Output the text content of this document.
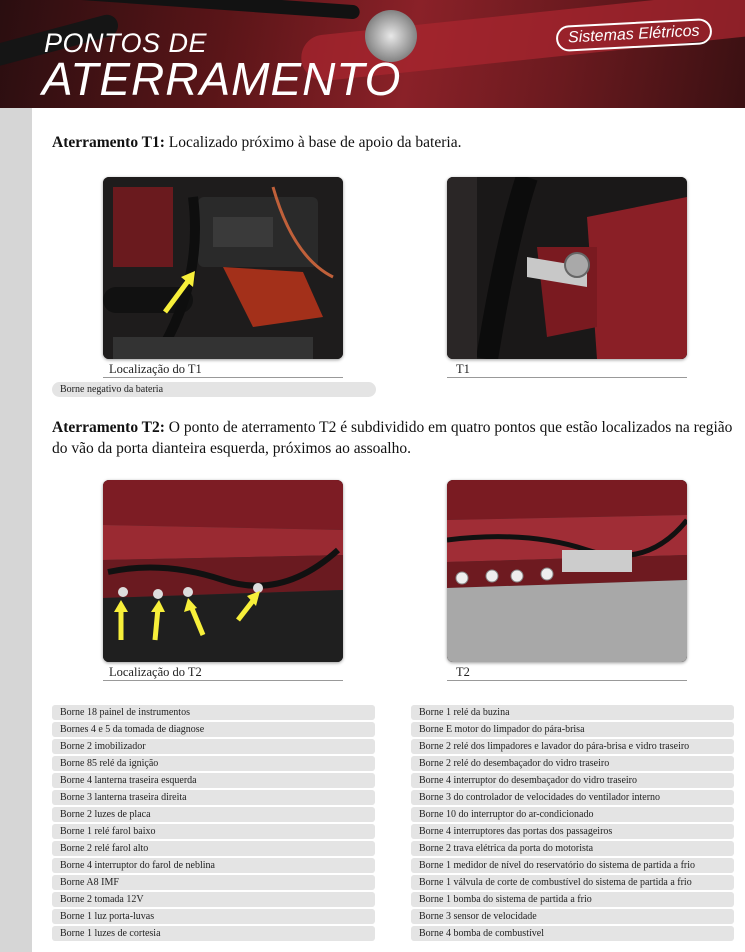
PONTOS DE
ATERRAMENTO
Sistemas Elétricos
Aterramento T1: Localizado próximo à base de apoio da bateria.
Localização do T1	T1
Borne negativo da bateria
Aterramento T2: O ponto de aterramento T2 é subdividido em quatro pontos que estão localizados na região do vão da porta dianteira esquerda, próximos ao assoalho.
Localização do T2	T2
Borne 18 painel de instrumentos
Bornes 4 e 5 da tomada de diagnose
Borne 2 imobilizador
Borne 85 relé da ignição
Borne 4 lanterna traseira esquerda
Borne 3 lanterna traseira direita
Borne 2 luzes de placa
Borne 1 relé farol baixo
Borne 2 relé farol alto
Borne 4 interruptor do farol de neblina
Borne A8 IMF
Borne 2 tomada 12V
Borne 1 luz porta-luvas
Borne 1 luzes de cortesia
Borne 1 relé da buzina
Borne E motor do limpador do pára-brisa
Borne 2 relé dos limpadores e lavador do pára-brisa e vidro traseiro
Borne 2 relé do desembaçador do vidro traseiro
Borne 4 interruptor do desembaçador do vidro traseiro
Borne 3 do controlador de velocidades do ventilador interno
Borne 10 do interruptor do ar-condicionado
Borne 4 interruptores das portas dos passageiros
Borne 2 trava elétrica da porta do motorista
Borne 1 medidor de nível do reservatório do sistema de partida a frio
Borne 1 válvula de corte de combustível do sistema de partida a frio
Borne 1 bomba do sistema de partida a frio
Borne 3 sensor de velocidade
Borne 4 bomba de combustível
